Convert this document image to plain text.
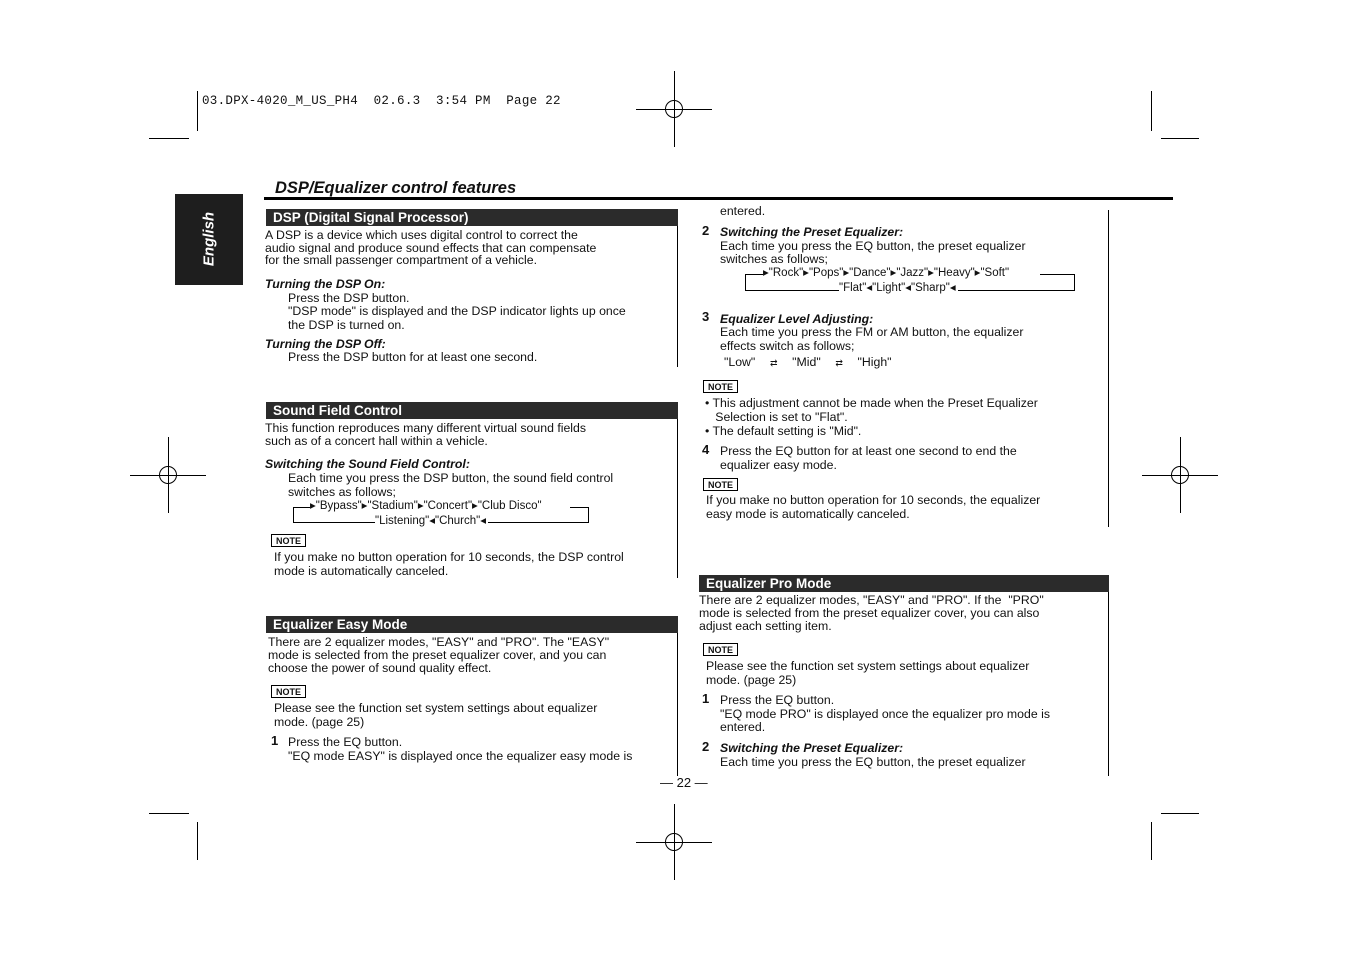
03.DPX-4020_M_US_PH4  02.6.3  3:54 PM  Page 22
English
DSP/Equalizer control features
DSP (Digital Signal Processor)
A DSP is a device which uses digital control to correct the
audio signal and produce sound effects that can compensate
for the small passenger compartment of a vehicle.
Turning the DSP On:
Press the DSP button.
"DSP mode" is displayed and the DSP indicator lights up once
the DSP is turned on.
Turning the DSP Off:
Press the DSP button for at least one second.
Sound Field Control
This function reproduces many different virtual sound fields
such as of a concert hall within a vehicle.
Switching the Sound Field Control:
Each time you press the DSP button, the sound field control
switches as follows;
▸"Bypass"▸"Stadium"▸"Concert"▸"Club Disco"
"Listening"◂"Church"◂
NOTE
If you make no button operation for 10 seconds, the DSP control
mode is automatically canceled.
Equalizer Easy Mode
There are 2 equalizer modes, "EASY" and "PRO". The "EASY"
mode is selected from the preset equalizer cover, and you can
choose the power of sound quality effect.
NOTE
Please see the function set system settings about equalizer
mode. (page 25)
1 Press the EQ button.
"EQ mode EASY" is displayed once the equalizer easy mode is
— 22 —
entered.
2 Switching the Preset Equalizer:
Each time you press the EQ button, the preset equalizer
switches as follows;
▸"Rock"▸"Pops"▸"Dance"▸"Jazz"▸"Heavy"▸"Soft"
"Flat"◂"Light"◂"Sharp"◂
3 Equalizer Level Adjusting:
Each time you press the FM or AM button, the equalizer
effects switch as follows;
"Low" ⇄ "Mid" ⇄ "High"
NOTE
• This adjustment cannot be made when the Preset Equalizer
Selection is set to "Flat".
• The default setting is "Mid".
4 Press the EQ button for at least one second to end the
equalizer easy mode.
NOTE
If you make no button operation for 10 seconds, the equalizer
easy mode is automatically canceled.
Equalizer Pro Mode
There are 2 equalizer modes, "EASY" and "PRO". If the  "PRO"
mode is selected from the preset equalizer cover, you can also
adjust each setting item.
NOTE
Please see the function set system settings about equalizer
mode. (page 25)
1 Press the EQ button.
"EQ mode PRO" is displayed once the equalizer pro mode is
entered.
2 Switching the Preset Equalizer:
Each time you press the EQ button, the preset equalizer
